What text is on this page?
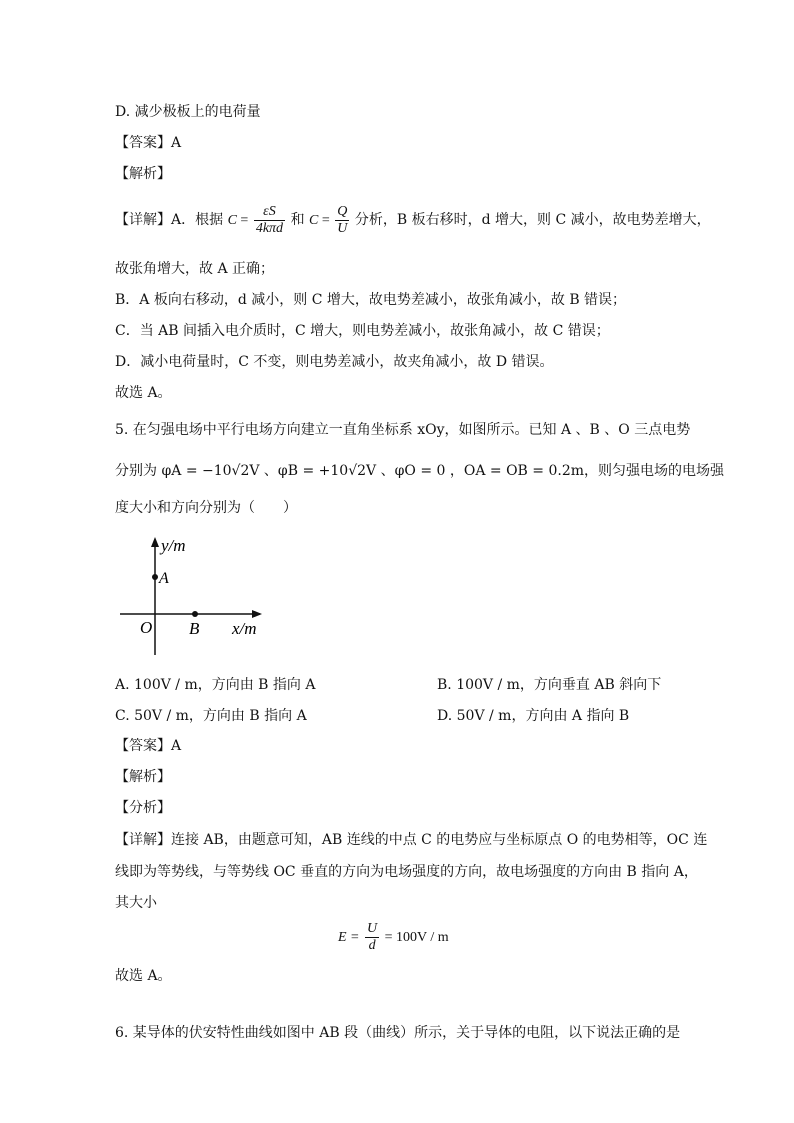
D. 减少极板上的电荷量
【答案】A
【解析】
【详解】A．根据 $C = \frac{\varepsilon S}{\text{4kπd}}$ 和 $C = \frac{Q}{U}$ 分析，B 板右移时，d 增大，则 C 减小，故电势差增大，
故张角增大，故 A 正确；
B．A 板向右移动，d 减小，则 C 增大，故电势差减小，故张角减小，故 B 错误；
C．当 AB 间插入电介质时，C 增大，则电势差减小，故张角减小，故 C 错误；
D．减小电荷量时，C 不变，则电势差减小，故夹角减小，故 D 错误。
故选 A。
5. 在匀强电场中平行电场方向建立一直角坐标系 xOy，如图所示。已知 A 、B 、O 三点电势
分别为 φA = −10√2V 、φB = +10√2V 、φO = 0 ，OA = OB = 0.2m，则匀强电场的电场强
度大小和方向分别为（　　）
y/m
A
O B x/m
A. 100V / m，方向由 B 指向 A	B. 100V / m，方向垂直 AB 斜向下
C. 50V / m，方向由 B 指向 A	D. 50V / m，方向由 A 指向 B
【答案】A
【解析】
【分析】
【详解】连接 AB，由题意可知，AB 连线的中点 C 的电势应与坐标原点 O 的电势相等，OC 连
线即为等势线，与等势线 OC 垂直的方向为电场强度的方向，故电场强度的方向由 B 指向 A，
其大小
$E = \frac{U}{d} = 100V / m$
故选 A。
6. 某导体的伏安特性曲线如图中 AB 段（曲线）所示，关于导体的电阻，以下说法正确的是
